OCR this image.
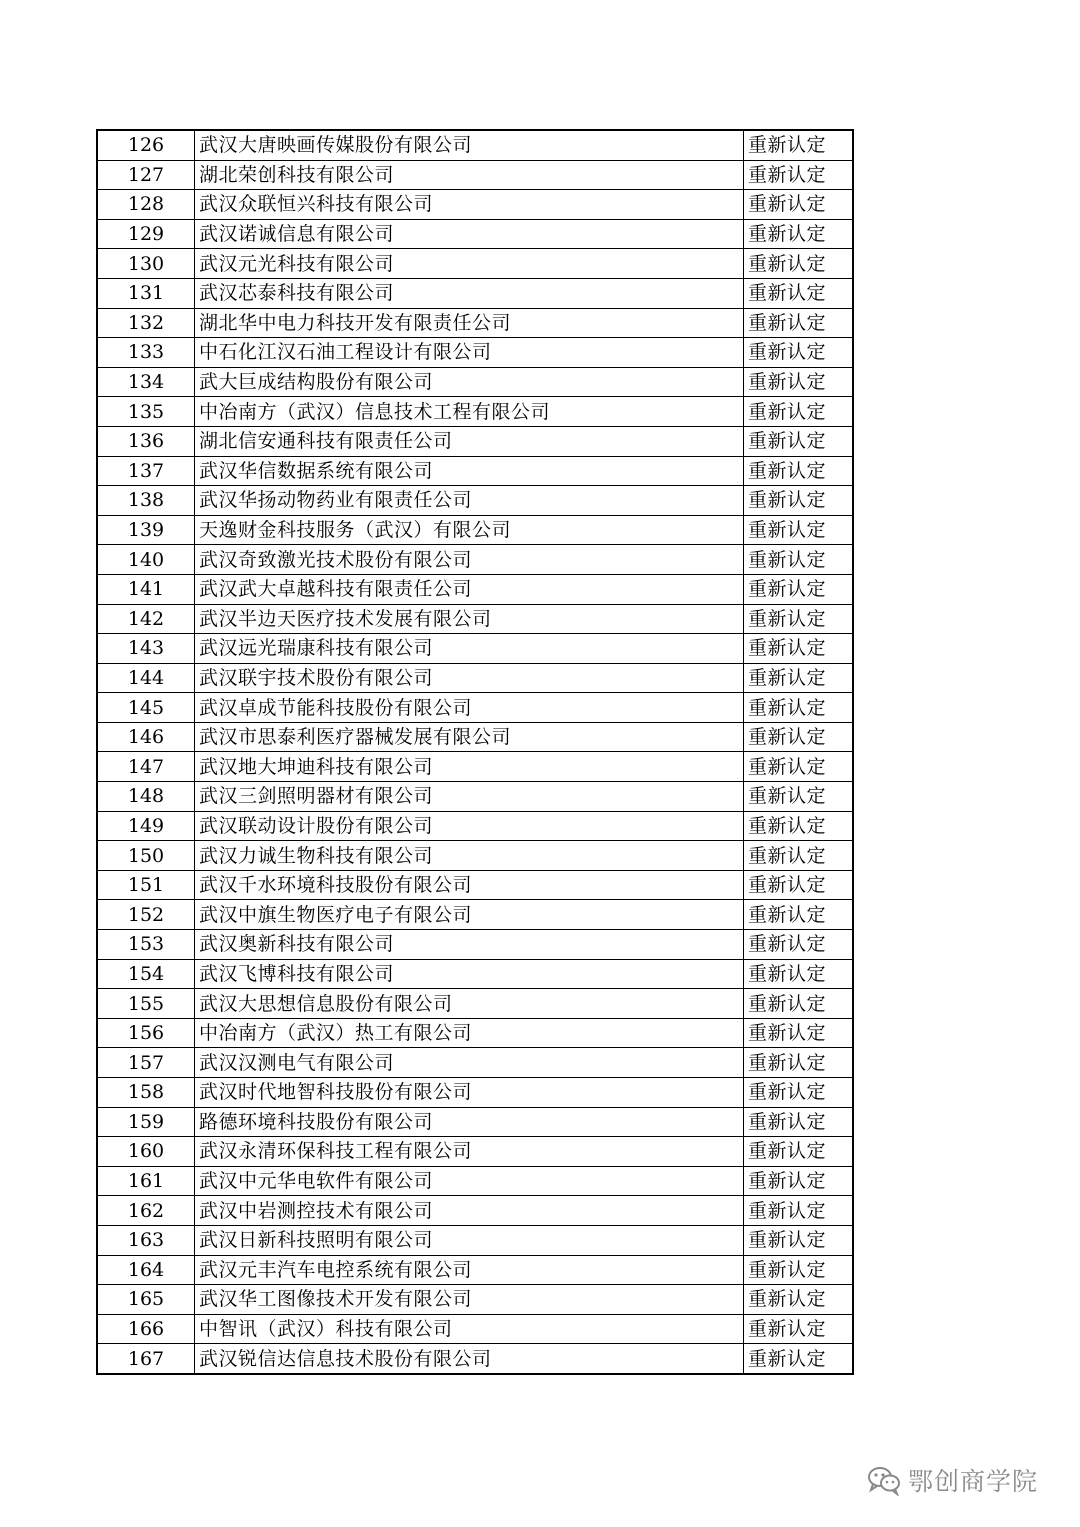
126	武汉大唐映画传媒股份有限公司	重新认定
127	湖北荣创科技有限公司	重新认定
128	武汉众联恒兴科技有限公司	重新认定
129	武汉诺诚信息有限公司	重新认定
130	武汉元光科技有限公司	重新认定
131	武汉芯泰科技有限公司	重新认定
132	湖北华中电力科技开发有限责任公司	重新认定
133	中石化江汉石油工程设计有限公司	重新认定
134	武大巨成结构股份有限公司	重新认定
135	中冶南方（武汉）信息技术工程有限公司	重新认定
136	湖北信安通科技有限责任公司	重新认定
137	武汉华信数据系统有限公司	重新认定
138	武汉华扬动物药业有限责任公司	重新认定
139	天逸财金科技服务（武汉）有限公司	重新认定
140	武汉奇致激光技术股份有限公司	重新认定
141	武汉武大卓越科技有限责任公司	重新认定
142	武汉半边天医疗技术发展有限公司	重新认定
143	武汉远光瑞康科技有限公司	重新认定
144	武汉联宇技术股份有限公司	重新认定
145	武汉卓成节能科技股份有限公司	重新认定
146	武汉市思泰利医疗器械发展有限公司	重新认定
147	武汉地大坤迪科技有限公司	重新认定
148	武汉三剑照明器材有限公司	重新认定
149	武汉联动设计股份有限公司	重新认定
150	武汉力诚生物科技有限公司	重新认定
151	武汉千水环境科技股份有限公司	重新认定
152	武汉中旗生物医疗电子有限公司	重新认定
153	武汉奥新科技有限公司	重新认定
154	武汉飞博科技有限公司	重新认定
155	武汉大思想信息股份有限公司	重新认定
156	中冶南方（武汉）热工有限公司	重新认定
157	武汉汉测电气有限公司	重新认定
158	武汉时代地智科技股份有限公司	重新认定
159	路德环境科技股份有限公司	重新认定
160	武汉永清环保科技工程有限公司	重新认定
161	武汉中元华电软件有限公司	重新认定
162	武汉中岩测控技术有限公司	重新认定
163	武汉日新科技照明有限公司	重新认定
164	武汉元丰汽车电控系统有限公司	重新认定
165	武汉华工图像技术开发有限公司	重新认定
166	中智讯（武汉）科技有限公司	重新认定
167	武汉锐信达信息技术股份有限公司	重新认定
鄂创商学院
